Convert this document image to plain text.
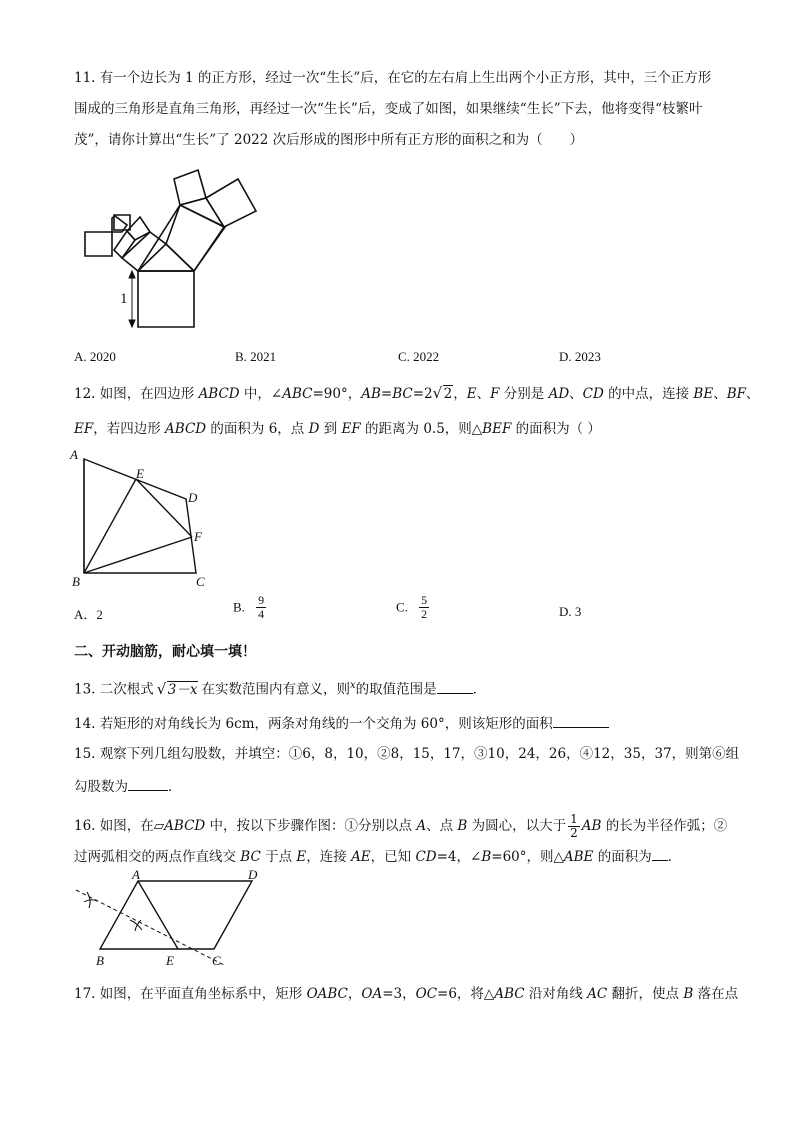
11. 有一个边长为 1 的正方形，经过一次“生长”后，在它的左右肩上生出两个小正方形，其中，三个正方形
围成的三角形是直角三角形，再经过一次“生长”后，变成了如图，如果继续“生长”下去，他将变得“枝繁叶
茂”，请你计算出“生长”了 2022 次后形成的图形中所有正方形的面积之和为（　　）
1
A. 2020	B. 2021	C. 2022	D. 2023
12. 如图，在四边形 ABCD 中，∠ABC=90°，AB=BC=2 √ 2，E、F 分别是 AD、CD 的中点，连接 BE、BF、
EF，若四边形 ABCD 的面积为 6，点 D 到 EF 的距离为 0.5，则△BEF 的面积为（ ）
A
E
D
F
B	C
A．2	B. $\frac{9}{4}$	C. $\frac{5}{2}$	D. 3
二、开动脑筋，耐心填一填！
13. 二次根式 √ 3－x 在实数范围内有意义，则$^x$的取值范围是	．
14. 若矩形的对角线长为 6cm，两条对角线的一个交角为 60°，则该矩形的面积
15. 观察下列几组勾股数，并填空：①6，8，10，②8，15，17，③10，24，26，④12，35，37，则第⑥组
勾股数为	．
16. 如图，在▱ABCD 中，按以下步骤作图：①分别以点 A、点 B 为圆心，以大于 $\frac{1}{2}$ AB 的长为半径作弧；②
过两弧相交的两点作直线交 BC 于点 E，连接 AE，已知 CD=4，∠B=60°，则△ABE 的面积为 ．
A	D
B	E	C
17. 如图，在平面直角坐标系中，矩形 OABC，OA=3，OC=6，将△ABC 沿对角线 AC 翻折，使点 B 落在点
